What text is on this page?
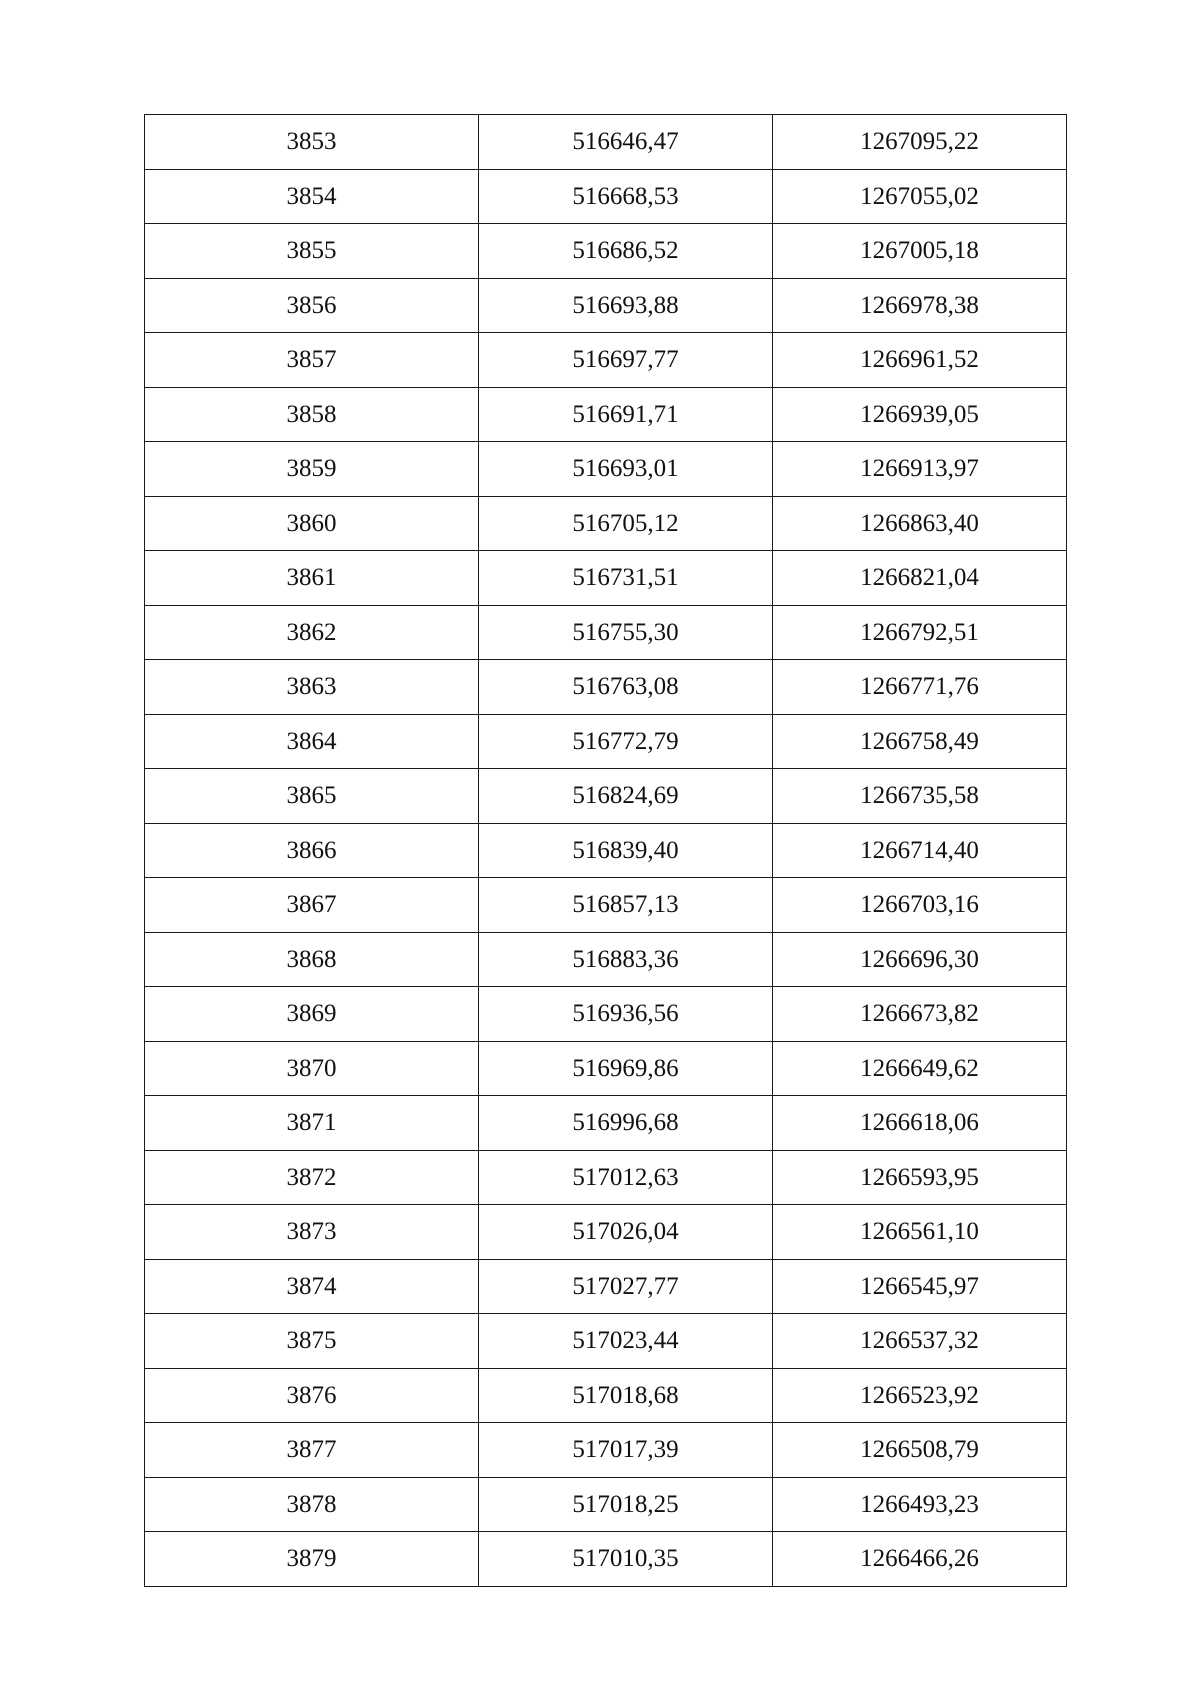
3853	516646,47	1267095,22
3854	516668,53	1267055,02
3855	516686,52	1267005,18
3856	516693,88	1266978,38
3857	516697,77	1266961,52
3858	516691,71	1266939,05
3859	516693,01	1266913,97
3860	516705,12	1266863,40
3861	516731,51	1266821,04
3862	516755,30	1266792,51
3863	516763,08	1266771,76
3864	516772,79	1266758,49
3865	516824,69	1266735,58
3866	516839,40	1266714,40
3867	516857,13	1266703,16
3868	516883,36	1266696,30
3869	516936,56	1266673,82
3870	516969,86	1266649,62
3871	516996,68	1266618,06
3872	517012,63	1266593,95
3873	517026,04	1266561,10
3874	517027,77	1266545,97
3875	517023,44	1266537,32
3876	517018,68	1266523,92
3877	517017,39	1266508,79
3878	517018,25	1266493,23
3879	517010,35	1266466,26
